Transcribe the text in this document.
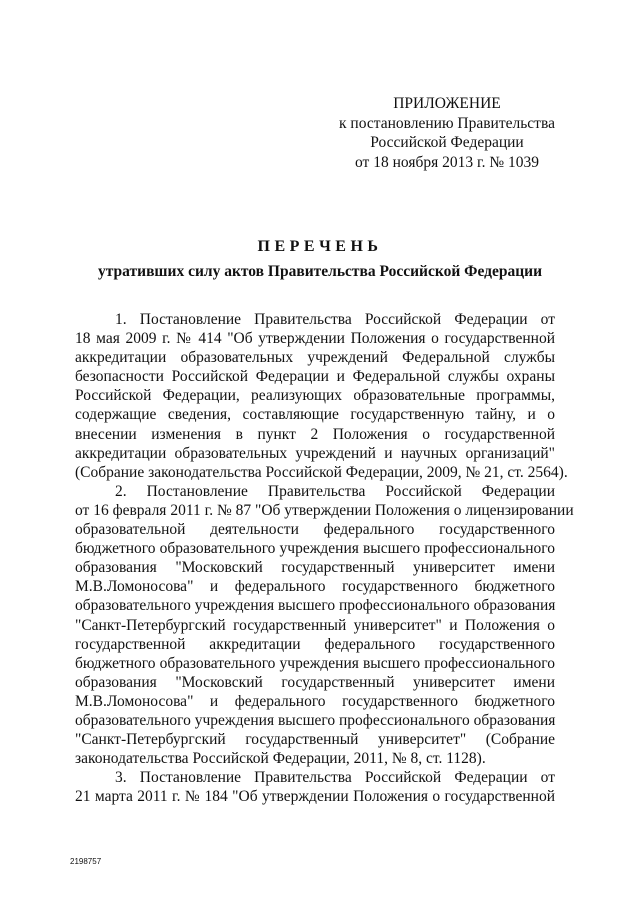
ПРИЛОЖЕНИЕ
к постановлению Правительства
Российской Федерации
от 18 ноября 2013 г. № 1039
ПЕРЕЧЕНЬ
утративших силу актов Правительства Российской Федерации
1. Постановление Правительства Российской Федерации от
18 мая 2009 г. № 414 "Об утверждении Положения о государственной
аккредитации образовательных учреждений Федеральной службы
безопасности Российской Федерации и Федеральной службы охраны
Российской Федерации, реализующих образовательные программы,
содержащие сведения, составляющие государственную тайну, и о
внесении изменения в пункт 2 Положения о государственной
аккредитации образовательных учреждений и научных организаций"
(Собрание законодательства Российской Федерации, 2009, № 21, ст. 2564).
2. Постановление Правительства Российской Федерации
от 16 февраля 2011 г. № 87 "Об утверждении Положения о лицензировании
образовательной деятельности федерального государственного
бюджетного образовательного учреждения высшего профессионального
образования "Московский государственный университет имени
М.В.Ломоносова" и федерального государственного бюджетного
образовательного учреждения высшего профессионального образования
"Санкт-Петербургский государственный университет" и Положения о
государственной аккредитации федерального государственного
бюджетного образовательного учреждения высшего профессионального
образования "Московский государственный университет имени
М.В.Ломоносова" и федерального государственного бюджетного
образовательного учреждения высшего профессионального образования
"Санкт-Петербургский государственный университет" (Собрание
законодательства Российской Федерации, 2011, № 8, ст. 1128).
3. Постановление Правительства Российской Федерации от
21 марта 2011 г. № 184 "Об утверждении Положения о государственной
2198757
